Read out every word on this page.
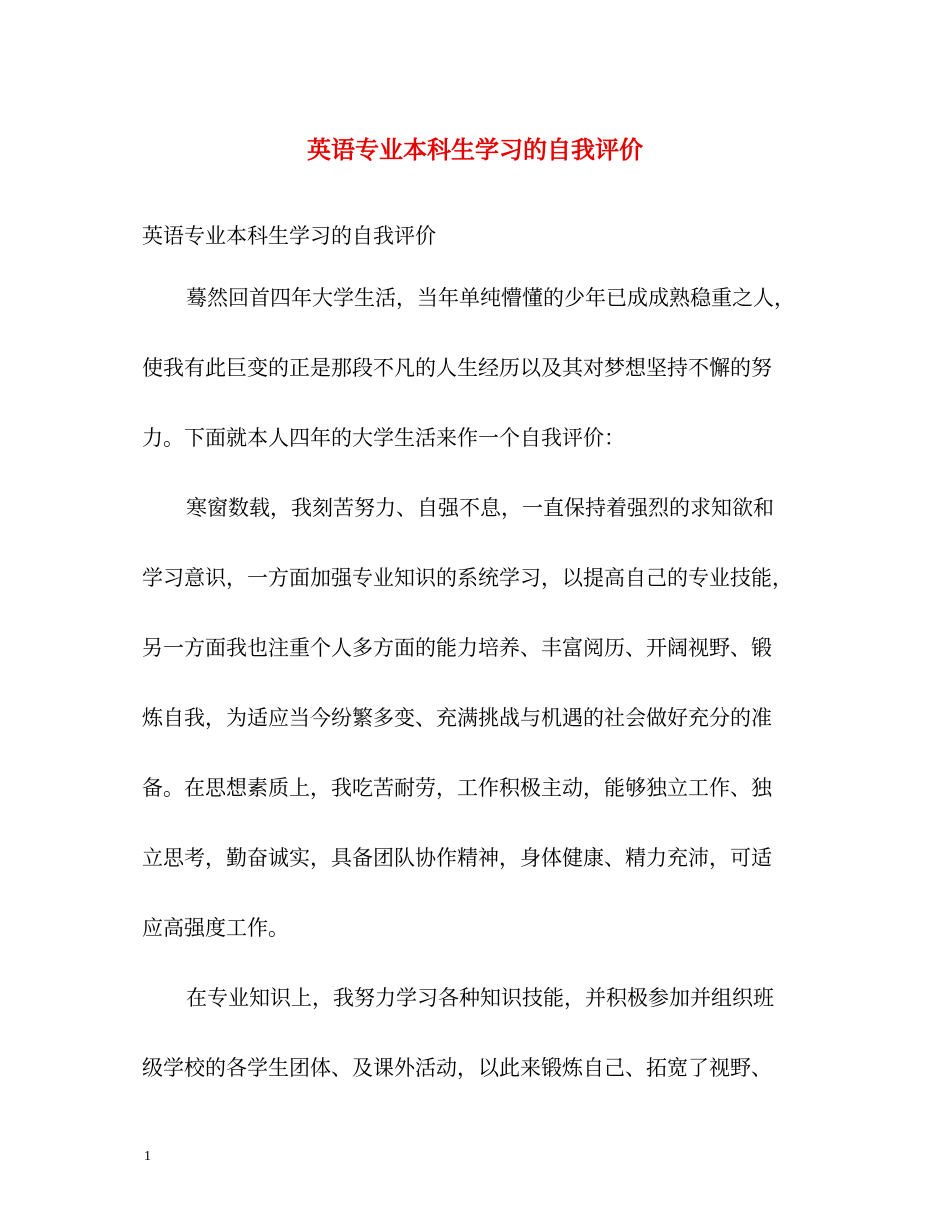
英语专业本科生学习的自我评价
英语专业本科生学习的自我评价
蓦然回首四年大学生活，当年单纯懵懂的少年已成成熟稳重之人，
使我有此巨变的正是那段不凡的人生经历以及其对梦想坚持不懈的努
力。下面就本人四年的大学生活来作一个自我评价：
寒窗数载，我刻苦努力、自强不息，一直保持着强烈的求知欲和
学习意识，一方面加强专业知识的系统学习，以提高自己的专业技能，
另一方面我也注重个人多方面的能力培养、丰富阅历、开阔视野、锻
炼自我，为适应当今纷繁多变、充满挑战与机遇的社会做好充分的准
备。在思想素质上，我吃苦耐劳，工作积极主动，能够独立工作、独
立思考，勤奋诚实，具备团队协作精神，身体健康、精力充沛，可适
应高强度工作。
在专业知识上，我努力学习各种知识技能，并积极参加并组织班
级学校的各学生团体、及课外活动，以此来锻炼自己、拓宽了视野、
1
